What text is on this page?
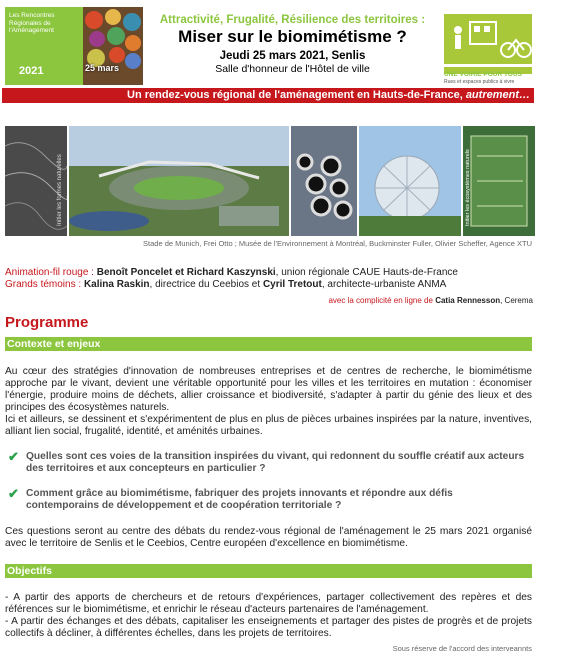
Les Rencontres Régionales de l'Aménagement
2021	25 mars
Attractivité, Frugalité, Résilience des territoires :
Miser sur le biomimétisme ?
Jeudi 25 mars 2021, Senlis
Salle d'honneur de l'Hôtel de ville	UNE VOIRIE POUR TOUS
Rues et espaces publics à vivre
Un rendez-vous régional de l'aménagement en Hauts-de-France, autrement…
Initier les formes naturelles	Initier les écosystèmes naturels
Stade de Munich, Frei Otto ; Musée de l'Environnement à Montréal, Buckminster Fuller, Olivier Scheffer, Agence XTU
Animation-fil rouge : Benoît Poncelet et Richard Kaszynski, union régionale CAUE Hauts-de-France
Grands témoins : Kalina Raskin, directrice du Ceebios et Cyril Tretout, architecte-urbaniste ANMA
avec la complicité en ligne de Catia Rennesson, Cerema
Programme
Contexte et enjeux
Au cœur des stratégies d'innovation de nombreuses entreprises et de centres de recherche, le biomimétisme approche par le vivant, devient une véritable opportunité pour les villes et les territoires en mutation : économiser l'énergie, produire moins de déchets, allier croissance et biodiversité, s'adapter à partir du génie des lieux et des principes des écosystèmes naturels.
Ici et ailleurs, se dessinent et s'expérimentent de plus en plus de pièces urbaines inspirées par la nature, inventives, alliant lien social, frugalité, identité, et aménités urbaines.
✔ Quelles sont ces voies de la transition inspirées du vivant, qui redonnent du souffle créatif aux acteurs des territoires et aux concepteurs en particulier ?
✔ Comment grâce au biomimétisme, fabriquer des projets innovants et répondre aux défis contemporains de développement et de coopération territoriale ?
Ces questions seront au centre des débats du rendez-vous régional de l'aménagement le 25 mars 2021 organisé avec le territoire de Senlis et le Ceebios, Centre européen d'excellence en biomimétisme.
Objectifs
- A partir des apports de chercheurs et de retours d'expériences, partager collectivement des repères et des références sur le biomimétisme, et enrichir le réseau d'acteurs partenaires de l'aménagement.
- A partir des échanges et des débats, capitaliser les enseignements et partager des pistes de progrès et de projets collectifs à décliner, à différentes échelles, dans les projets de territoires.
Sous réserve de l'accord des interveannts
